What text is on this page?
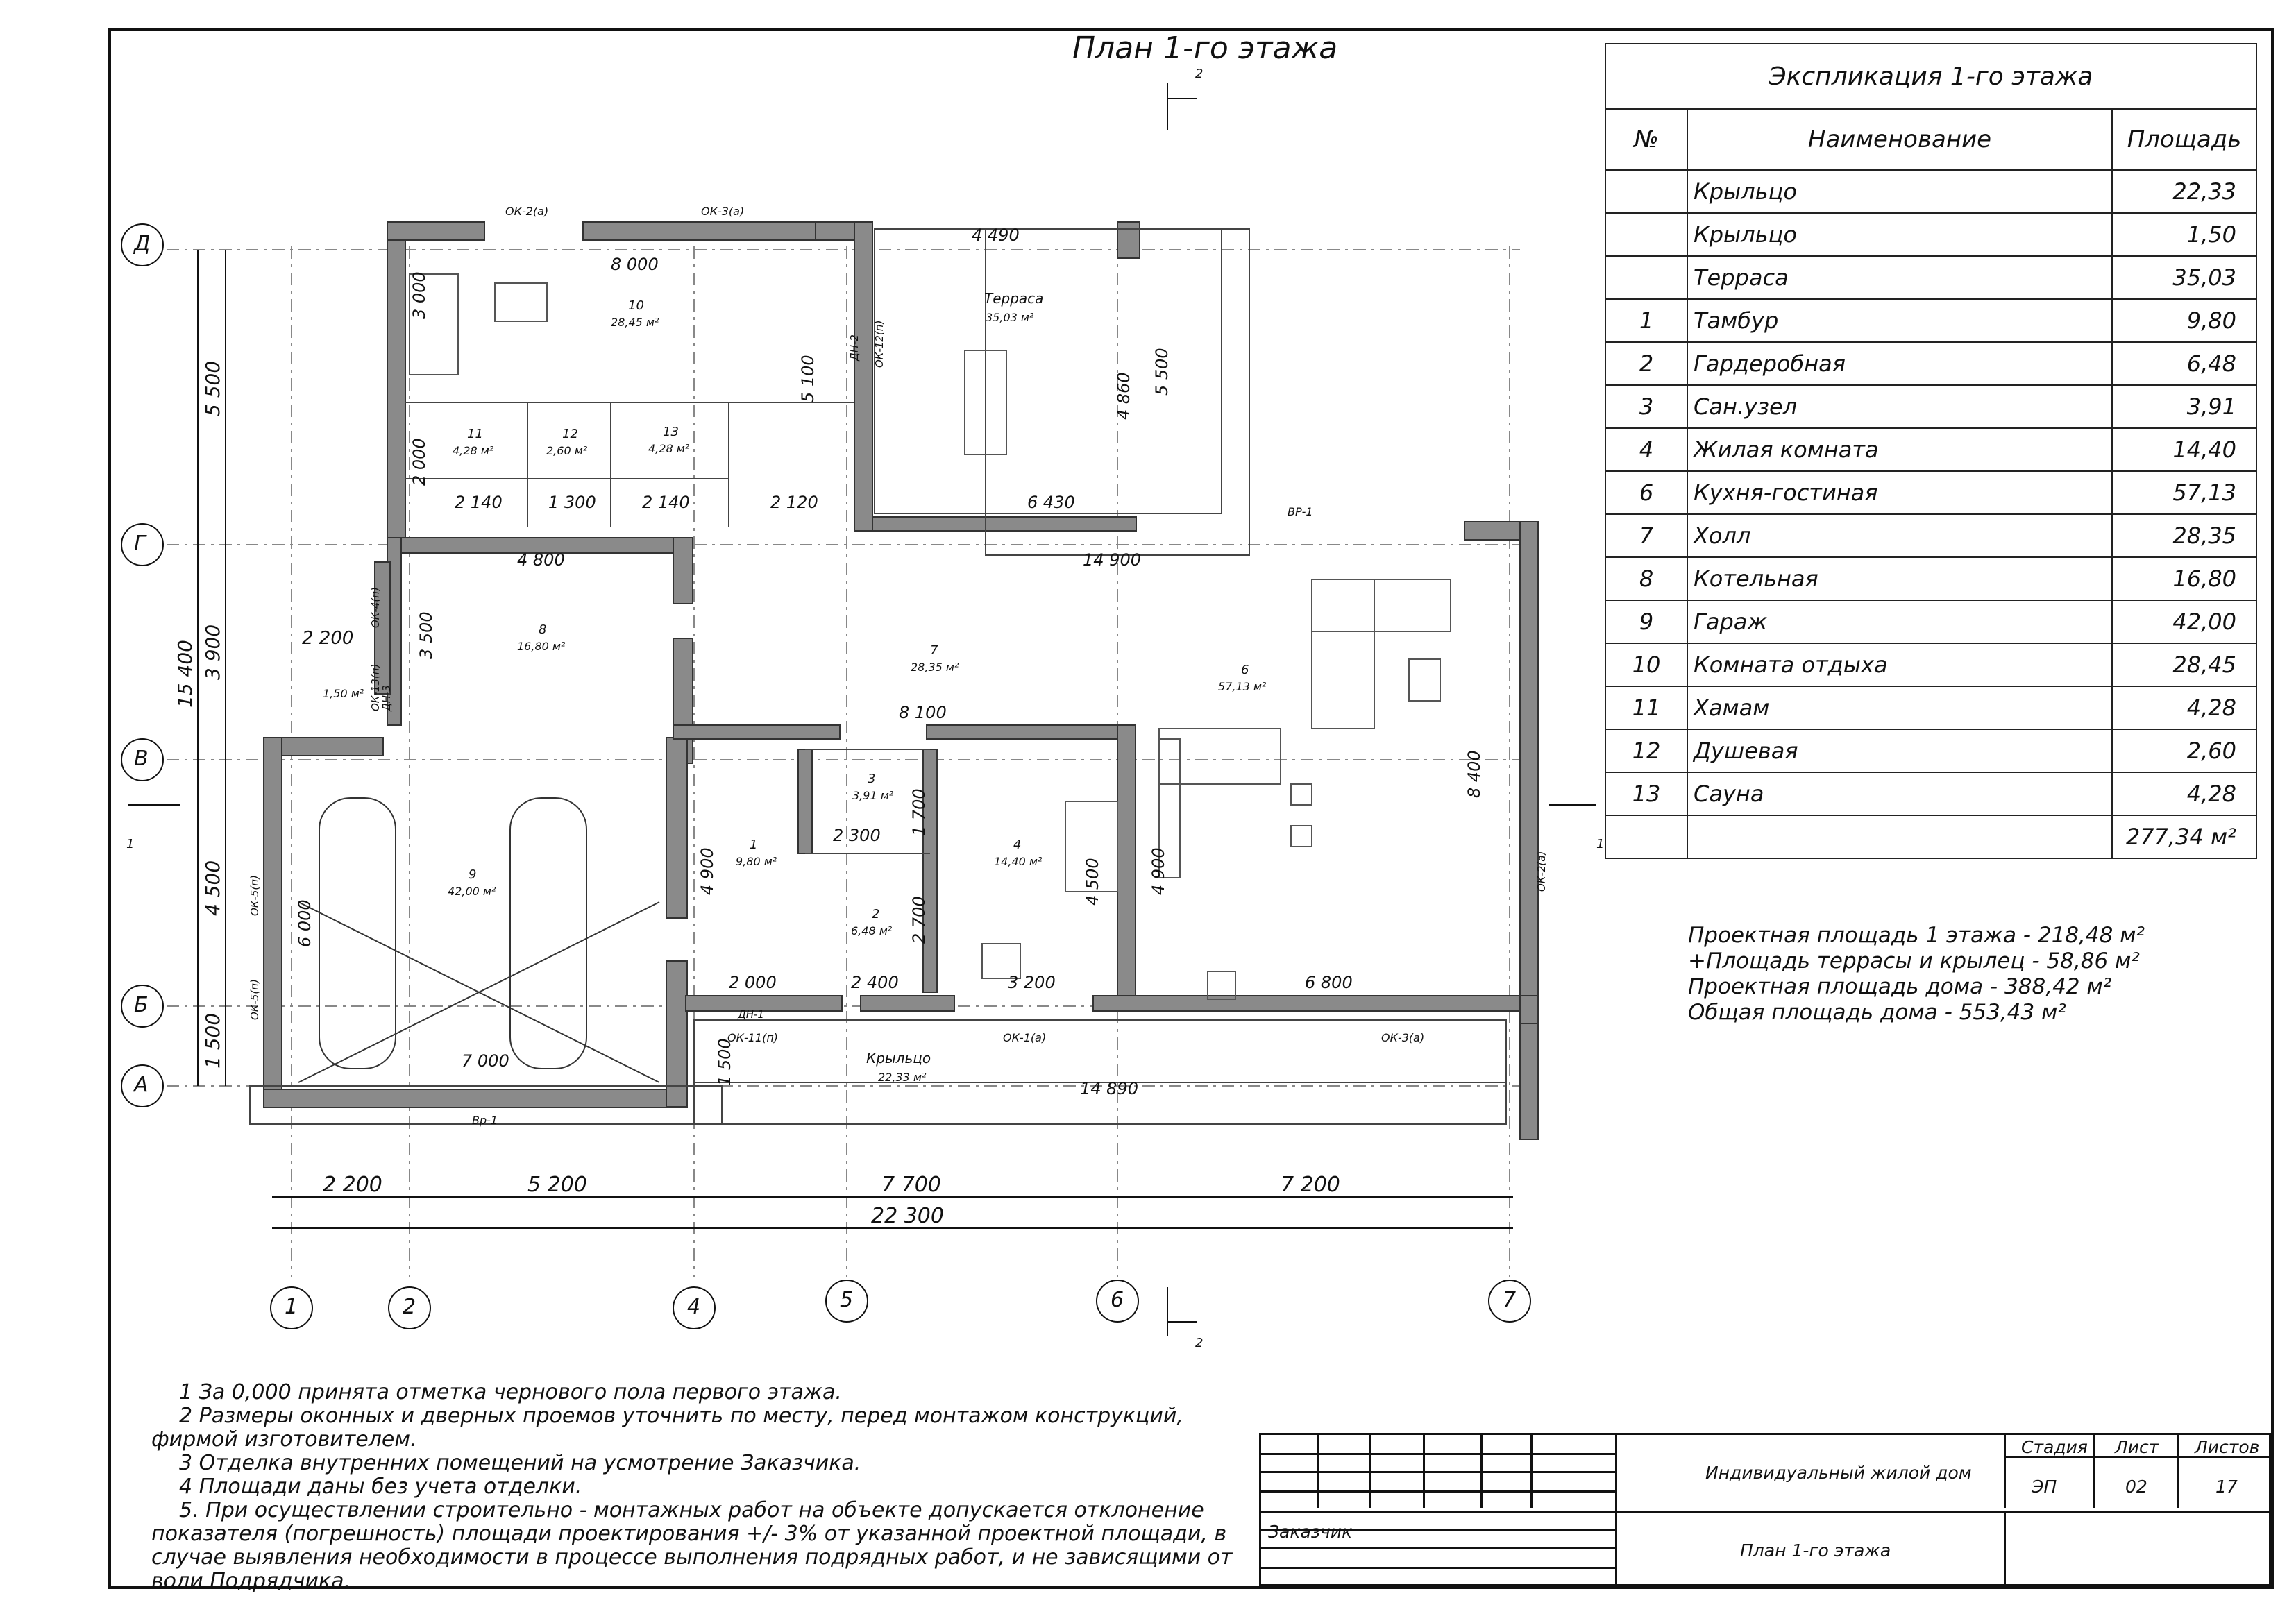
План 1-го этажа
Д
Г
В
Б
А
1	2	4	5	6	7
2
2
1	1
10
28,45 м²
11
4,28 м²
12
2,60 м²
13
4,28 м²
8
16,80 м²	7
28,35 м²	6
57,13 м²
9
42,00 м²
1
9,80 м²
3
3,91 м²
2
6,48 м²
4
14,40 м²
Терраса
35,03 м²
Крыльцо
22,33 м²
1,50 м²
8 000
4 490
2 140	1 300	2 140	2 120	6 430
4 800	14 900
2 200
8 100
2 300
2 000	2 400	3 200	6 800
7 000
14 890
3 000
2 000
5 100	4 860
5 500
3 500
1 700
2 700
4 500
4 900	4 900
8 400
6 000
1 500
5 500
15 400 3 900
4 500
1 500
2 200	5 200	7 700	7 200
22 300
ОК-2(а)	ОК-3(а)
ОК-12(п)
ДН-2
ВР-1
ОК-4(п)
ОК-13(п)
ДН-3
ОК-5(п)
ОК-5(п)	ДН-1
ОК-11(п)	ОК-1(а)	ОК-3(а)
ОК-2(а)
Вр-1
Экспликация 1-го этажа		
№	Наименование	Площадь
	Крыльцо	22,33
	Крыльцо	1,50
	Терраса	35,03
1	Тамбур	9,80
2	Гардеробная	6,48
3	Сан.узел	3,91
4	Жилая комната	14,40
6	Кухня-гостиная	57,13
7	Холл	28,35
8	Котельная	16,80
9	Гараж	42,00
10	Комната отдыха	28,45
11	Хамам	4,28
12	Душевая	2,60
13	Сауна	4,28
		277,34 м²
Проектная площадь 1 этажа - 218,48 м²
+Площадь террасы и крылец - 58,86 м²
Проектная площадь дома - 388,42 м²
Общая площадь дома - 553,43 м²
1 За 0,000 принята отметка чернового пола первого этажа.
2 Размеры оконных и дверных проемов уточнить по месту, перед монтажом конструкций, фирмой изготовителем.
3 Отделка внутренних помещений на усмотрение Заказчика.
4 Площади даны без учета отделки.
5. При осуществлении строительно - монтажных работ на объекте допускается отклонение показателя (погрешность) площади проектирования +/- 3% от указанной проектной площади, в случае выявления необходимости в процессе выполнения подрядных работ, и не зависящими от воли Подрядчика.
Заказчик
Индивидуальный жилой дом
План 1-го этажа
Стадия Лист Листов
ЭП	02	17
